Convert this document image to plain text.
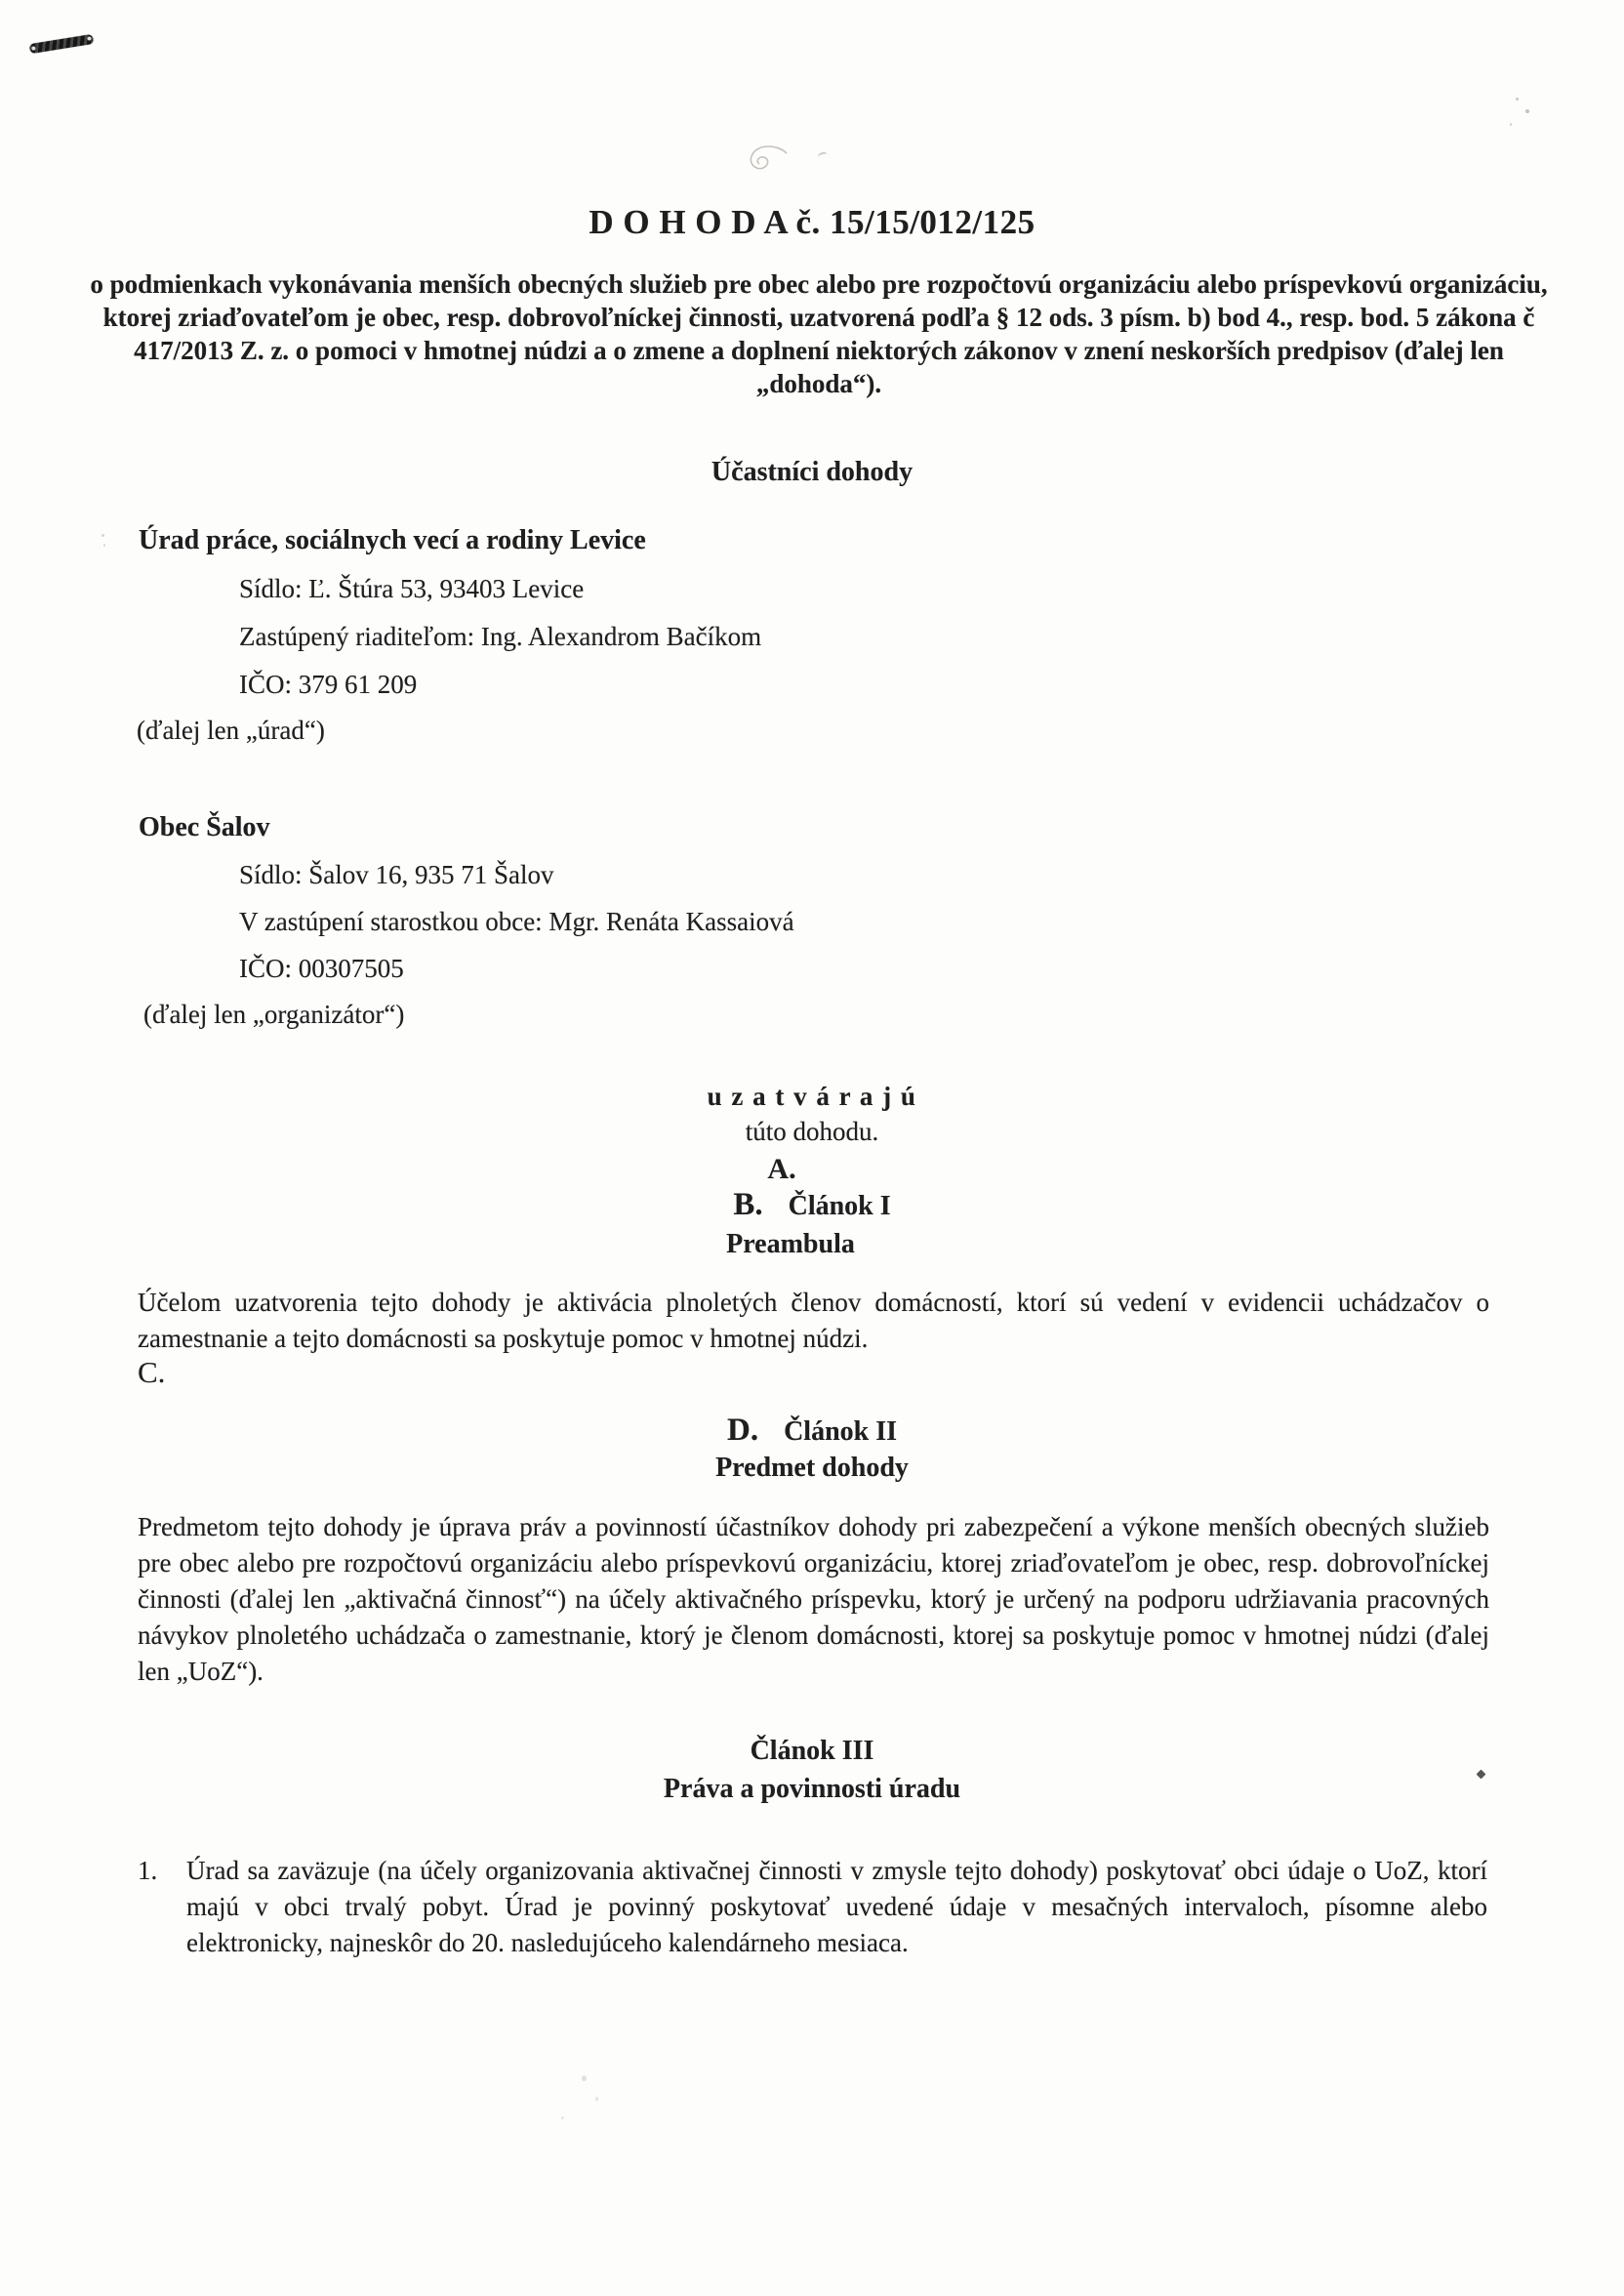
D O H O D A č. 15/15/012/125
o podmienkach vykonávania menších obecných služieb pre obec alebo pre rozpočtovú organizáciu alebo príspevkovú organizáciu, ktorej zriaďovateľom je obec, resp. dobrovoľníckej činnosti, uzatvorená podľa § 12 ods. 3 písm. b) bod 4., resp. bod. 5 zákona č 417/2013 Z. z. o pomoci v hmotnej núdzi a o zmene a doplnení niektorých zákonov v znení neskorších predpisov (ďalej len „dohoda“).
Účastníci dohody
Úrad práce, sociálnych vecí a rodiny Levice
Sídlo: Ľ. Štúra 53, 93403 Levice
Zastúpený riaditeľom: Ing. Alexandrom Bačíkom
IČO: 379 61 209
(ďalej len „úrad“)
Obec Šalov
Sídlo: Šalov 16, 935 71 Šalov
V zastúpení starostkou obce: Mgr. Renáta Kassaiová
IČO: 00307505
(ďalej len „organizátor“)
u z a t v á r a j ú
túto dohodu.
A.
B. Článok I
Preambula
Účelom uzatvorenia tejto dohody je aktivácia plnoletých členov domácností, ktorí sú vedení v evidencii uchádzačov o zamestnanie a tejto domácnosti sa poskytuje pomoc v hmotnej núdzi.
C.
D. Článok II
Predmet dohody
Predmetom tejto dohody je úprava práv a povinností účastníkov dohody pri zabezpečení a výkone menších obecných služieb pre obec alebo pre rozpočtovú organizáciu alebo príspevkovú organizáciu, ktorej zriaďovateľom je obec, resp. dobrovoľníckej činnosti (ďalej len „aktivačná činnosť“) na účely aktivačného príspevku, ktorý je určený na podporu udržiavania pracovných návykov plnoletého uchádzača o zamestnanie, ktorý je členom domácnosti, ktorej sa poskytuje pomoc v hmotnej núdzi (ďalej len „UoZ“).
Článok III
Práva a povinnosti úradu
1.	Úrad sa zaväzuje (na účely organizovania aktivačnej činnosti v zmysle tejto dohody) poskytovať obci údaje o UoZ, ktorí majú v obci trvalý pobyt. Úrad je povinný poskytovať uvedené údaje v mesačných intervaloch, písomne alebo elektronicky, najneskôr do 20. nasledujúceho kalendárneho mesiaca.
